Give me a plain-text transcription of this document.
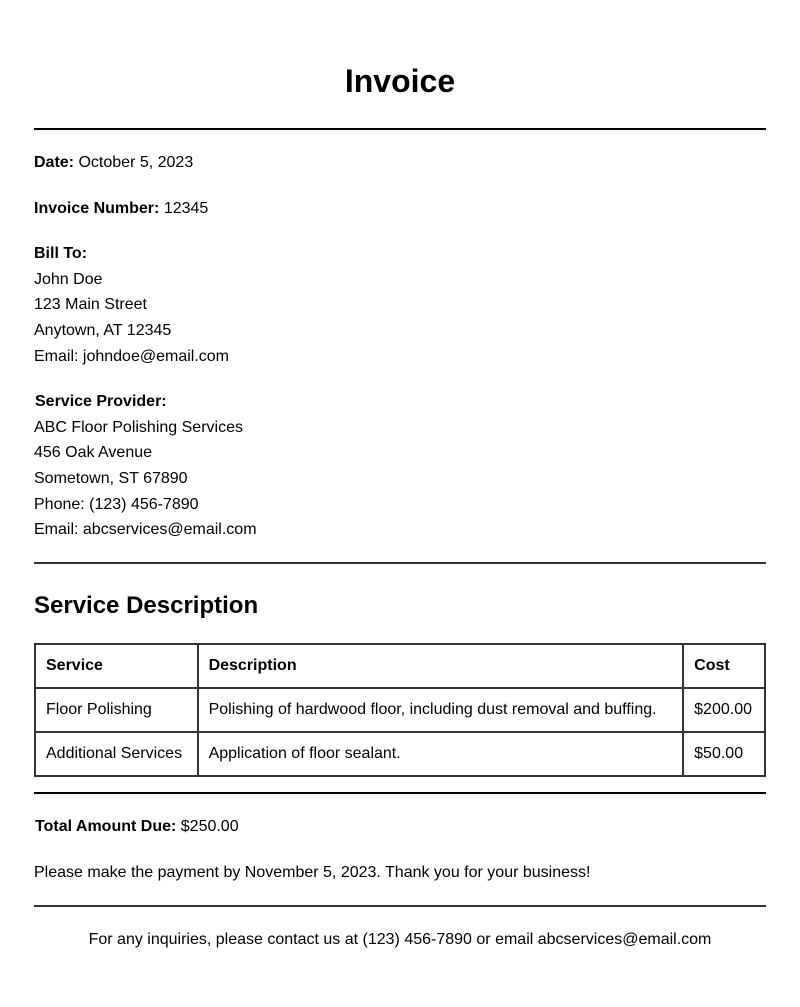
Invoice
Date: October 5, 2023
Invoice Number: 12345
Bill To:
John Doe
123 Main Street
Anytown, AT 12345
Email: johndoe@email.com
Service Provider:
ABC Floor Polishing Services
456 Oak Avenue
Sometown, ST 67890
Phone: (123) 456-7890
Email: abcservices@email.com
Service Description
Service	Description	Cost
Floor Polishing	Polishing of hardwood floor, including dust removal and buffing.	$200.00
Additional Services	Application of floor sealant.	$50.00
Total Amount Due: $250.00
Please make the payment by November 5, 2023. Thank you for your business!
For any inquiries, please contact us at (123) 456-7890 or email abcservices@email.com
